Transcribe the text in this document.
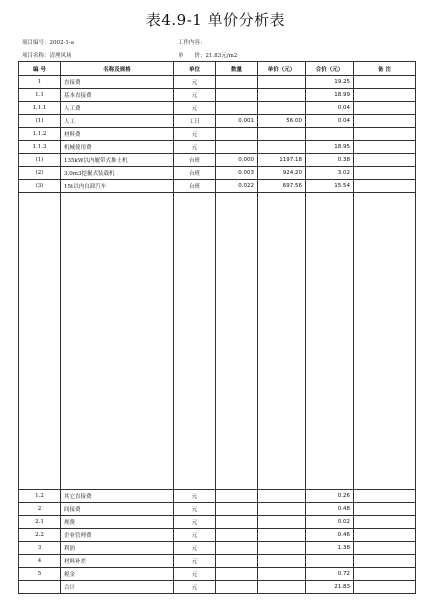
表4.9-1 单价分析表
项目编号：2002-1-a	工作内容：
项目名称：清理风场	单　　价：21.83元/m2
编 号	名称及规格	单位	数量	单价（元）	合价（元）	备 注
1	直接费	元			19.25	
1.1	基本直接费	元			18.99	
1.1.1	人工费	元			0.04	
(1)	人工	工日	0.001	56.00	0.04	
1.1.2	材料费	元				
1.1.3	机械使用费	元			18.95	
(1)	135kW以内履带式推土机	台班	0.000	1197.18	0.38	
(2)	3.0m3挖掘式装载机	台班	0.003	924.20	3.02	
(3)	15t以内自卸汽车	台班	0.022	697.56	15.54	

1.2	其它直接费	元			0.26	
2	间接费	元			0.48	
2.1	规费	元			0.02	
2.2	企业管理费	元			0.46	
3	利润	元			1.38	
4	材料补差	元				
5	税金	元			0.72	
	合计	元			21.83	
